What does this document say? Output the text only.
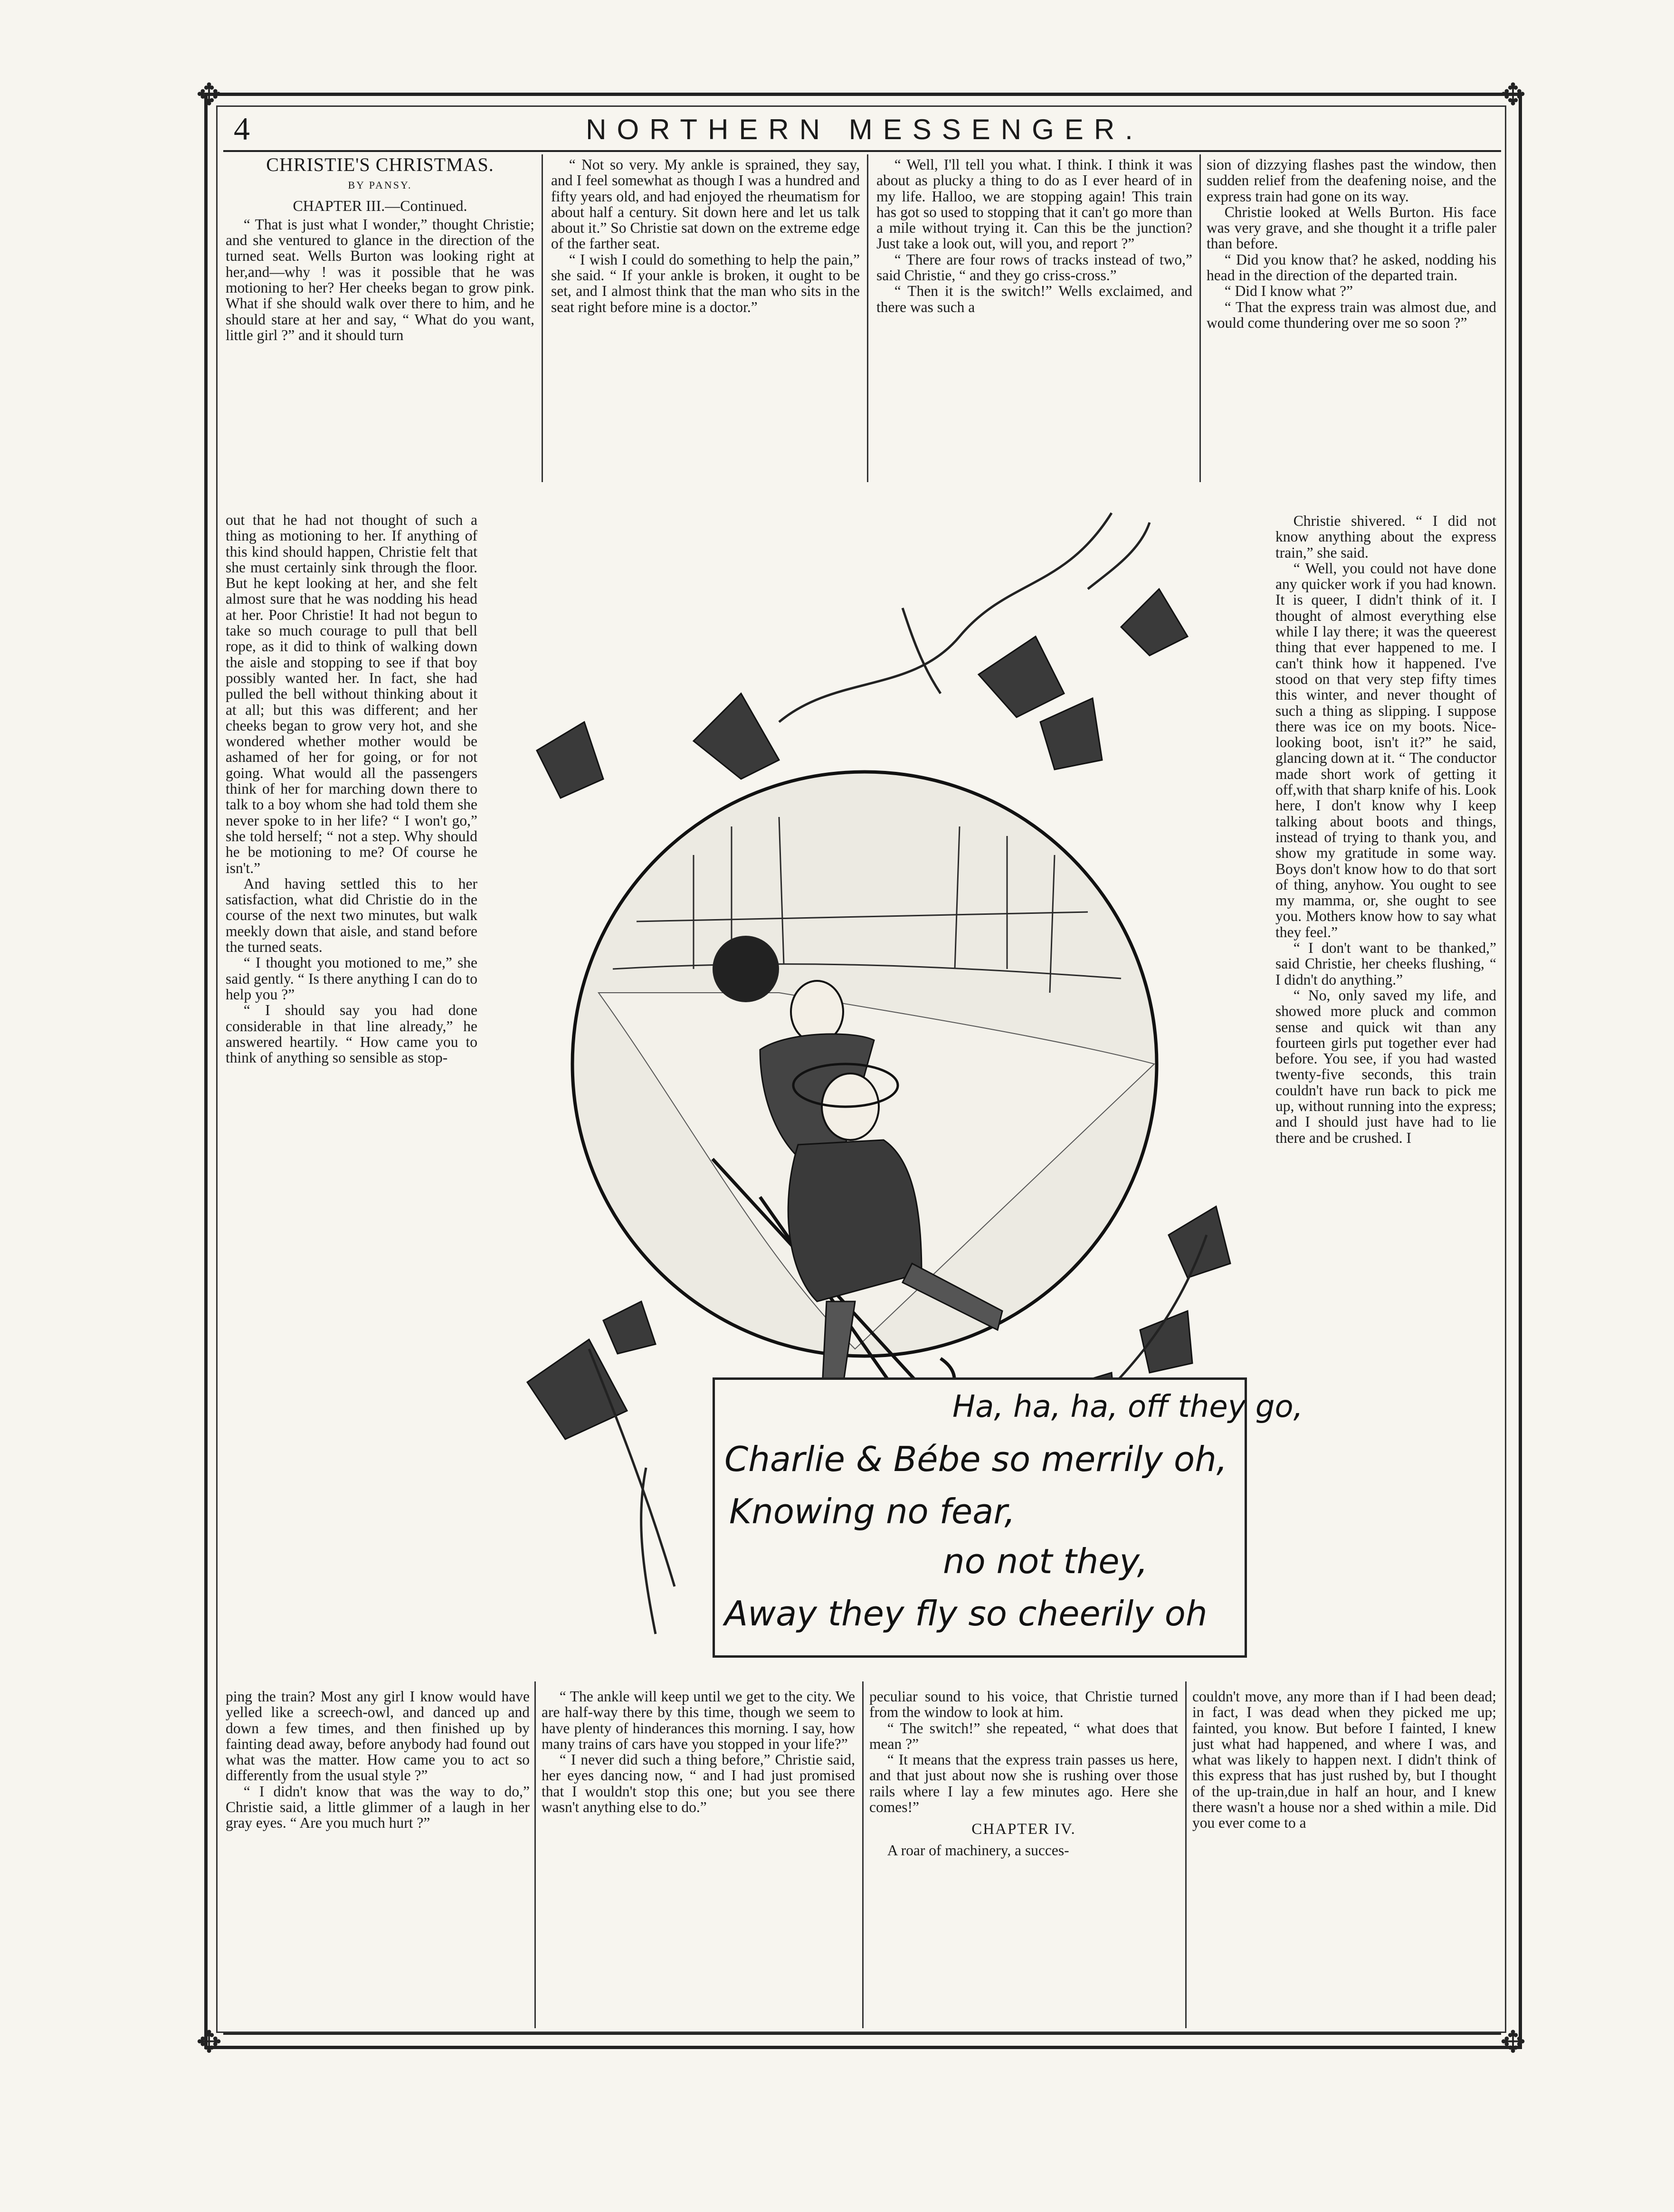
✥	✥
✥	✥
4	NORTHERN MESSENGER.
CHRISTIE'S CHRISTMAS.
BY PANSY.
CHAPTER III.—Continued.

“ That is just what I wonder,” thought Christie; and she ventured to glance in the direction of the turned seat. Wells Burton was looking right at her,and—why ! was it possible that he was motioning to her? Her cheeks began to grow pink. What if she should walk over there to him, and he should stare at her and say, “ What do you want, little girl ?” and it should turn

out that he had not thought of such a thing as motioning to her. If anything of this kind should happen, Christie felt that she must certainly sink through the floor. But he kept looking at her, and she felt almost sure that he was nodding his head at her. Poor Christie! It had not begun to take so much courage to pull that bell rope, as it did to think of walking down the aisle and stopping to see if that boy possibly wanted her. In fact, she had pulled the bell without thinking about it at all; but this was different; and her cheeks began to grow very hot, and she wondered whether mother would be ashamed of her for going, or for not going. What would all the passengers think of her for marching down there to talk to a boy whom she had told them she never spoke to in her life? “ I won't go,” she told herself; “ not a step. Why should he be motioning to me? Of course he isn't.”

And having settled this to her satisfaction, what did Christie do in the course of the next two minutes, but walk meekly down that aisle, and stand before the turned seats.

“ I thought you motioned to me,” she said gently. “ Is there anything I can do to help you ?”

“ I should say you had done considerable in that line already,” he answered heartily. “ How came you to think of anything so sensible as stop-

ping the train? Most any girl I know would have yelled like a screech-owl, and danced up and down a few times, and then finished up by fainting dead away, before anybody had found out what was the matter. How came you to act so differently from the usual style ?”

“ I didn't know that was the way to do,” Christie said, a little glimmer of a laugh in her gray eyes. “ Are you much hurt ?”

“ Not so very. My ankle is sprained, they say, and I feel somewhat as though I was a hundred and fifty years old, and had enjoyed the rheumatism for about half a century. Sit down here and let us talk about it.” So Christie sat down on the extreme edge of the farther seat.

“ I wish I could do something to help the pain,” she said. “ If your ankle is broken, it ought to be set, and I almost think that the man who sits in the seat right before mine is a doctor.”

“ The ankle will keep until we get to the city. We are half-way there by this time, though we seem to have plenty of hinderances this morning. I say, how many trains of cars have you stopped in your life?”

“ I never did such a thing before,” Christie said, her eyes dancing now, “ and I had just promised that I wouldn't stop this one; but you see there wasn't anything else to do.”

“ Well, I'll tell you what. I think. I think it was about as plucky a thing to do as I ever heard of in my life. Halloo, we are stopping again! This train has got so used to stopping that it can't go more than a mile without trying it. Can this be the junction? Just take a look out, will you, and report ?”

“ There are four rows of tracks instead of two,” said Christie, “ and they go criss-cross.”

“ Then it is the switch!” Wells exclaimed, and there was such a

peculiar sound to his voice, that Christie turned from the window to look at him.

“ The switch!” she repeated, “ what does that mean ?”

“ It means that the express train passes us here, and that just about now she is rushing over those rails where I lay a few minutes ago. Here she comes!”

CHAPTER IV.

A roar of machinery, a succes-

sion of dizzying flashes past the window, then sudden relief from the deafening noise, and the express train had gone on its way.

Christie looked at Wells Burton. His face was very grave, and she thought it a trifle paler than before.

“ Did you know that? he asked, nodding his head in the direction of the departed train.

“ Did I know what ?”

“ That the express train was almost due, and would come thundering over me so soon ?”

Christie shivered. “ I did not know anything about the express train,” she said.

“ Well, you could not have done any quicker work if you had known. It is queer, I didn't think of it. I thought of almost everything else while I lay there; it was the queerest thing that ever happened to me. I can't think how it happened. I've stood on that very step fifty times this winter, and never thought of such a thing as slipping. I suppose there was ice on my boots. Nice-looking boot, isn't it?” he said, glancing down at it. “ The conductor made short work of getting it off,with that sharp knife of his. Look here, I don't know why I keep talking about boots and things, instead of trying to thank you, and show my gratitude in some way. Boys don't know how to do that sort of thing, anyhow. You ought to see my mamma, or, she ought to see you. Mothers know how to say what they feel.”

“ I don't want to be thanked,” said Christie, her cheeks flushing, “ I didn't do anything.”

“ No, only saved my life, and showed more pluck and common sense and quick wit than any fourteen girls put together ever had before. You see, if you had wasted twenty-five seconds, this train couldn't have run back to pick me up, without running into the express; and I should just have had to lie there and be crushed. I

couldn't move, any more than if I had been dead; in fact, I was dead when they picked me up; fainted, you know. But before I fainted, I knew just what had happened, and where I was, and what was likely to happen next. I didn't think of this express that has just rushed by, but I thought of the up-train,due in half an hour, and I knew there wasn't a house nor a shed within a mile. Did you ever come to a

Ha, ha, ha, off they go,
Charlie & Bébe so merrily oh,
Knowing no fear,
no not they,
Away they fly so cheerily oh
